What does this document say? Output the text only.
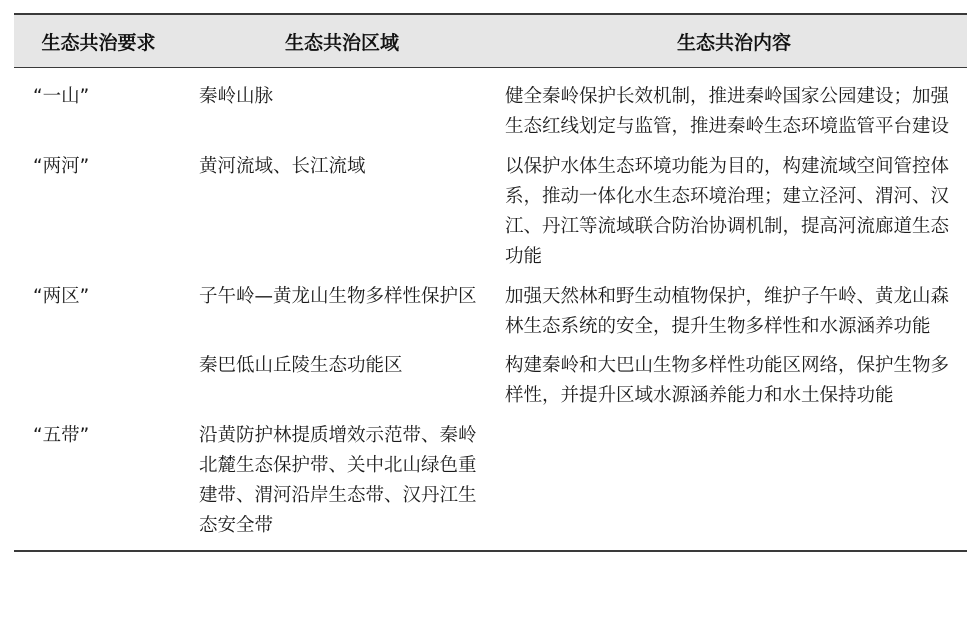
生态共治要求	生态共治区域	生态共治内容
“一山”	秦岭山脉	健全秦岭保护长效机制，推进秦岭国家公园建设；加强生态红线划定与监管，推进秦岭生态环境监管平台建设
“两河”	黄河流域、长江流域	以保护水体生态环境功能为目的，构建流域空间管控体系，推动一体化水生态环境治理；建立泾河、渭河、汉江、丹江等流域联合防治协调机制，提高河流廊道生态功能
“两区”	子午岭—黄龙山生物多样性保护区	加强天然林和野生动植物保护，维护子午岭、黄龙山森林生态系统的安全，提升生物多样性和水源涵养功能
	秦巴低山丘陵生态功能区	构建秦岭和大巴山生物多样性功能区网络，保护生物多样性，并提升区域水源涵养能力和水土保持功能
“五带”	沿黄防护林提质增效示范带、秦岭北麓生态保护带、关中北山绿色重建带、渭河沿岸生态带、汉丹江生态安全带	
